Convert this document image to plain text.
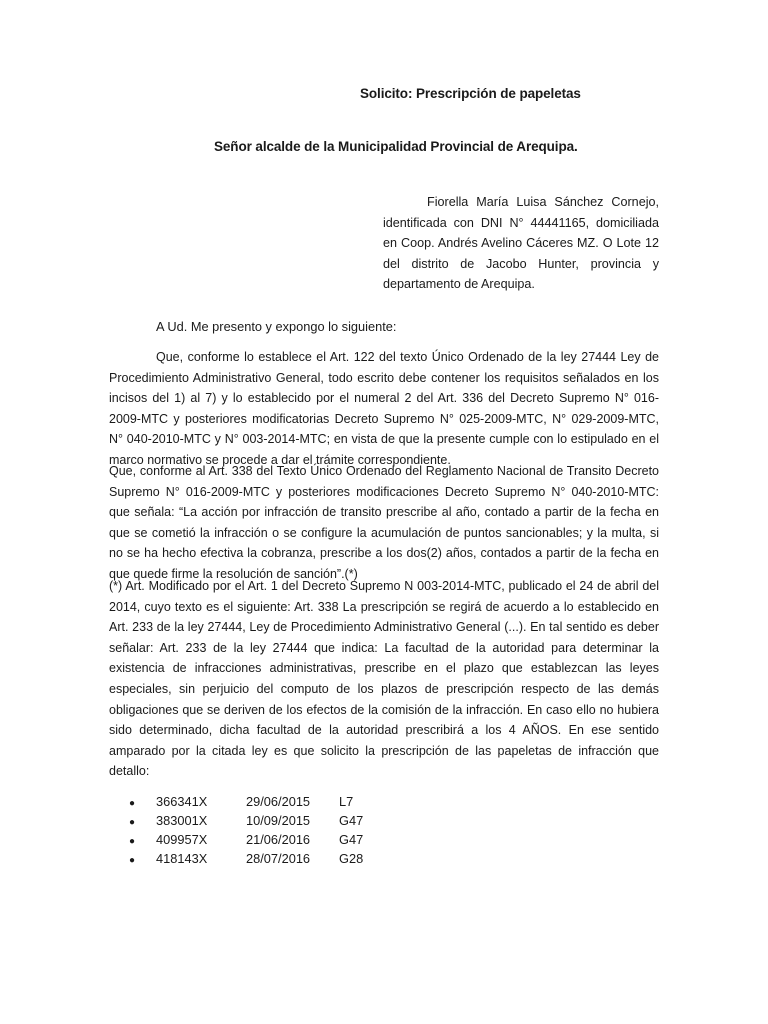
Solicito: Prescripción de papeletas
Señor alcalde de la Municipalidad Provincial de Arequipa.
Fiorella María Luisa Sánchez Cornejo, identificada con DNI N° 44441165, domiciliada en Coop. Andrés Avelino Cáceres MZ. O Lote 12 del distrito de Jacobo Hunter, provincia y departamento de Arequipa.
A Ud. Me presento y expongo lo siguiente:

Que, conforme lo establece el Art. 122 del texto Único Ordenado de la ley 27444 Ley de Procedimiento Administrativo General, todo escrito debe contener los requisitos señalados en los incisos del 1) al 7) y lo establecido por el numeral 2 del Art. 336 del Decreto Supremo N° 016-2009-MTC y posteriores modificatorias Decreto Supremo N° 025-2009-MTC, N° 029-2009-MTC, N° 040-2010-MTC y N° 003-2014-MTC; en vista de que la presente cumple con lo estipulado en el marco normativo se procede a dar el trámite correspondiente.

Que, conforme al Art. 338 del Texto Único Ordenado del Reglamento Nacional de Transito Decreto Supremo N° 016-2009-MTC y posteriores modificaciones Decreto Supremo N° 040-2010-MTC: que señala: “La acción por infracción de transito prescribe al año, contado a partir de la fecha en que se cometió la infracción o se configure la acumulación de puntos sancionables; y la multa, si no se ha hecho efectiva la cobranza, prescribe a los dos(2) años, contados a partir de la fecha en que quede firme la resolución de sanción”.(*)

(*) Art. Modificado por el Art. 1 del Decreto Supremo N 003-2014-MTC, publicado el 24 de abril del 2014, cuyo texto es el siguiente: Art. 338 La prescripción se regirá de acuerdo a lo establecido en Art. 233 de la ley 27444, Ley de Procedimiento Administrativo General (...). En tal sentido es deber señalar: Art. 233 de la ley 27444 que indica: La facultad de la autoridad para determinar la existencia de infracciones administrativas, prescribe en el plazo que establezcan las leyes especiales, sin perjuicio del computo de los plazos de prescripción respecto de las demás obligaciones que se deriven de los efectos de la comisión de la infracción. En caso ello no hubiera sido determinado, dicha facultad de la autoridad prescribirá a los 4 AÑOS. En ese sentido amparado por la citada ley es que solicito la prescripción de las papeletas de infracción que detallo:

● 366341X	29/06/2015 L7
● 383001X	10/09/2015 G47
● 409957X	21/06/2016 G47
● 418143X	28/07/2016 G28
